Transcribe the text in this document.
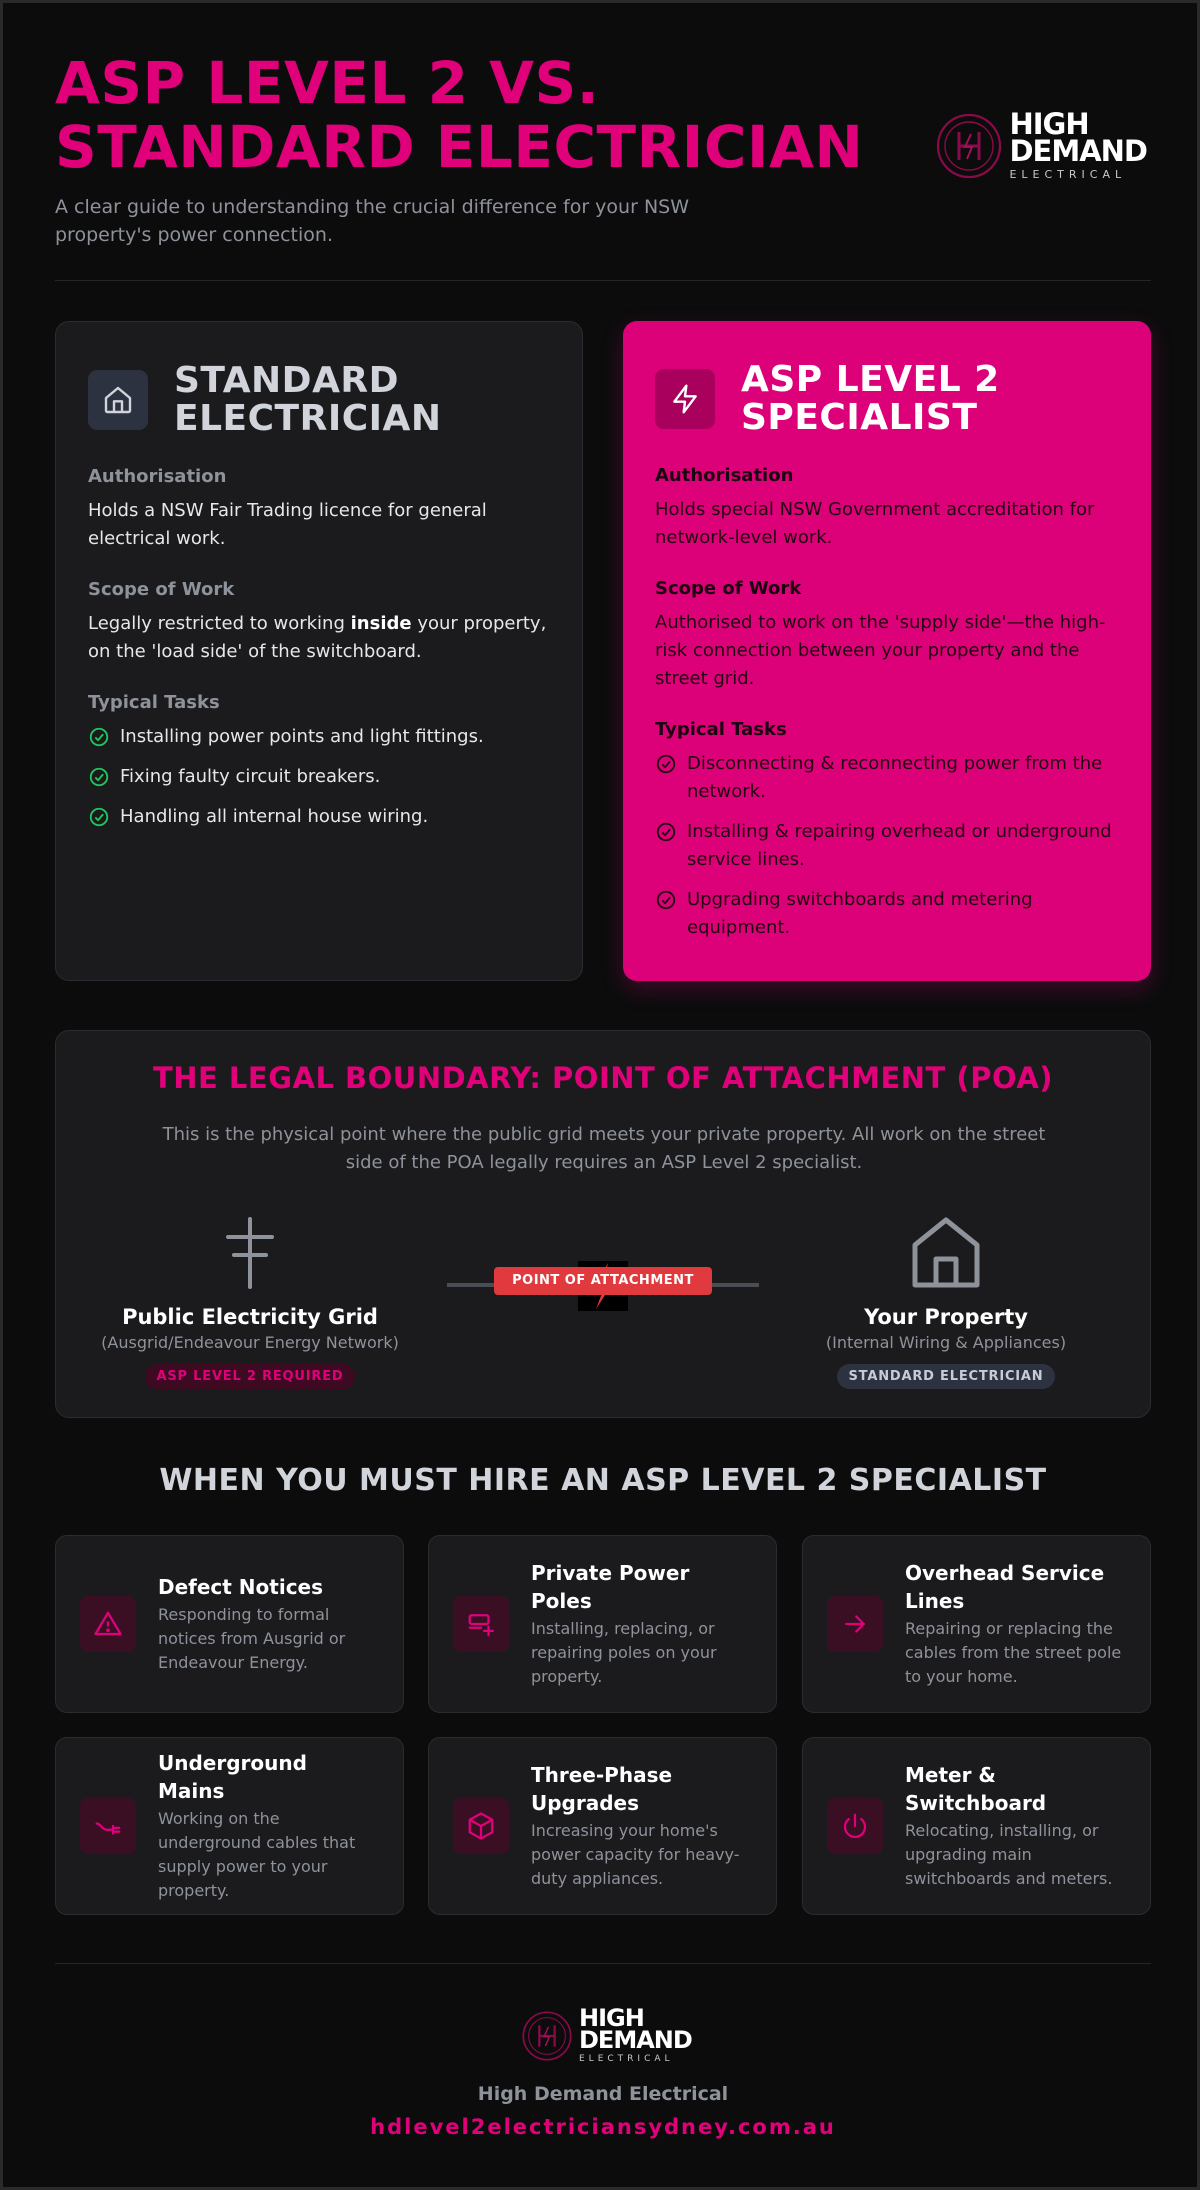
ASP LEVEL 2 VS.
STANDARD ELECTRICIAN

A clear guide to understanding the crucial difference for your NSW property's power connection.

HIGH
DEMAND
ELECTRICAL
STANDARD
ELECTRICIAN
Authorisation
Holds a NSW Fair Trading licence for general electrical work.
Scope of Work
Legally restricted to working inside your property, on the 'load side' of the switchboard.
Typical Tasks
Installing power points and light fittings.
Fixing faulty circuit breakers.
Handling all internal house wiring.
ASP LEVEL 2
SPECIALIST
Authorisation
Holds special NSW Government accreditation for network-level work.
Scope of Work
Authorised to work on the 'supply side'—the high-risk connection between your property and the street grid.
Typical Tasks
Disconnecting & reconnecting power from the network.
Installing & repairing overhead or underground service lines.
Upgrading switchboards and metering equipment.
THE LEGAL BOUNDARY: POINT OF ATTACHMENT (POA)
This is the physical point where the public grid meets your private property. All work on the street side of the POA legally requires an ASP Level 2 specialist.
Public Electricity Grid
(Ausgrid/Endeavour Energy Network)
ASP LEVEL 2 REQUIRED
POINT OF ATTACHMENT
Your Property
(Internal Wiring & Appliances)
STANDARD ELECTRICIAN
WHEN YOU MUST HIRE AN ASP LEVEL 2 SPECIALIST
Defect Notices
Responding to formal notices from Ausgrid or Endeavour Energy.
Private Power Poles
Installing, replacing, or repairing poles on your property.
Overhead Service Lines
Repairing or replacing the cables from the street pole to your home.
Underground Mains
Working on the underground cables that supply power to your property.
Three-Phase Upgrades
Increasing your home's power capacity for heavy-duty appliances.
Meter & Switchboard
Relocating, installing, or upgrading main switchboards and meters.
HIGH
DEMAND
ELECTRICAL
High Demand Electrical
hdlevel2electriciansydney.com.au
